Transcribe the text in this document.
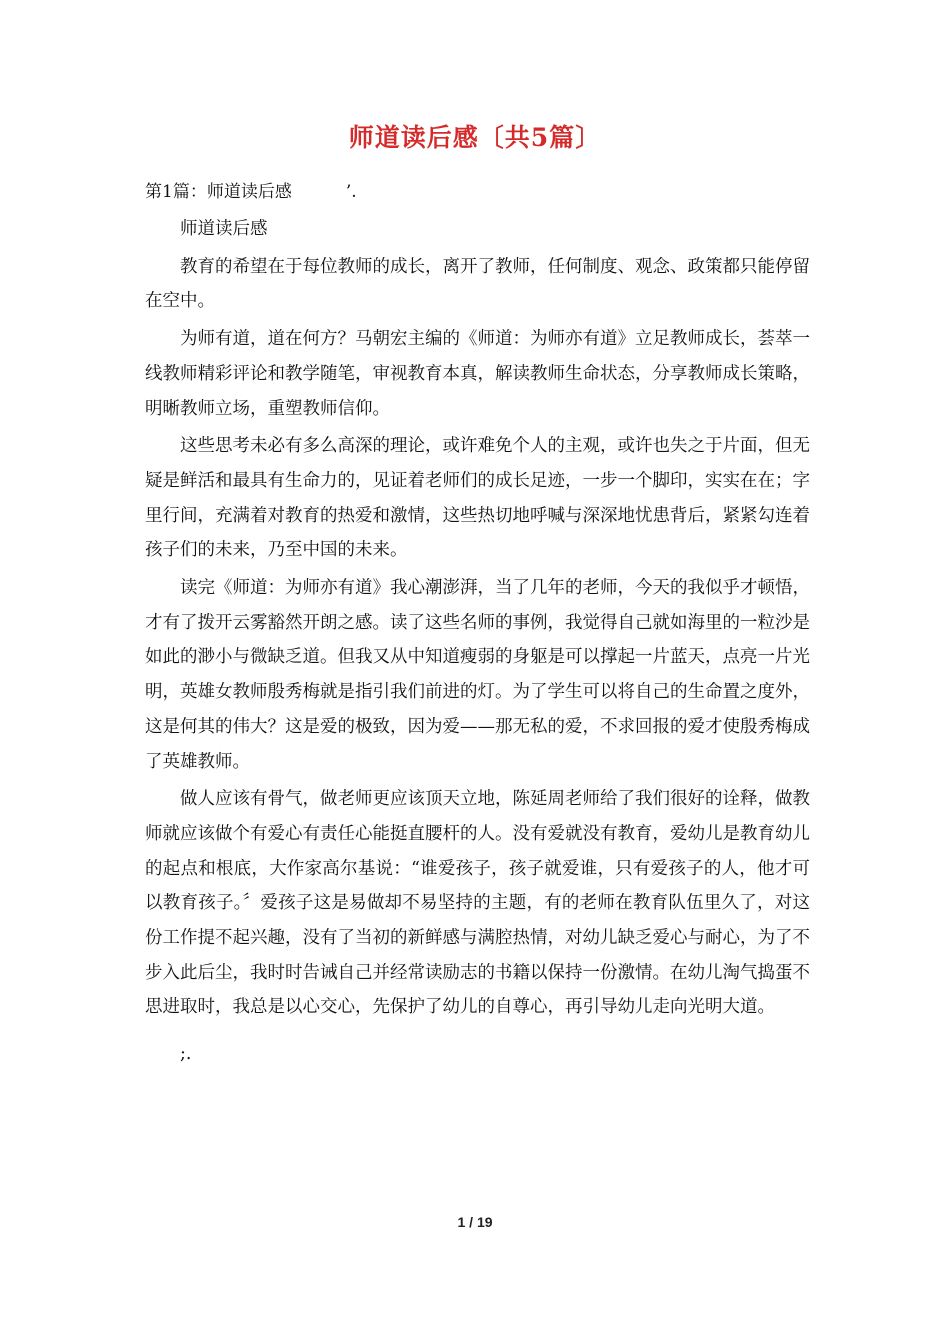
师道读后感〔共5篇〕
第1篇：师道读后感          ’.

师道读后感

教育的希望在于每位教师的成长，离开了教师，任何制度、观念、政策都只能停留在空中。

为师有道，道在何方？马朝宏主编的《师道：为师亦有道》立足教师成长，荟萃一线教师精彩评论和教学随笔，审视教育本真，解读教师生命状态，分享教师成长策略，明晰教师立场，重塑教师信仰。

这些思考未必有多么高深的理论，或许难免个人的主观，或许也失之于片面，但无疑是鲜活和最具有生命力的，见证着老师们的成长足迹，一步一个脚印，实实在在；字里行间，充满着对教育的热爱和激情，这些热切地呼喊与深深地忧患背后，紧紧勾连着孩子们的未来，乃至中国的未来。

读完《师道：为师亦有道》我心潮澎湃，当了几年的老师，今天的我似乎才顿悟，才有了拨开云雾豁然开朗之感。读了这些名师的事例，我觉得自己就如海里的一粒沙是如此的渺小与微缺乏道。但我又从中知道瘦弱的身躯是可以撑起一片蓝天，点亮一片光明，英雄女教师殷秀梅就是指引我们前进的灯。为了学生可以将自己的生命置之度外，这是何其的伟大？这是爱的极致，因为爱——那无私的爱，不求回报的爱才使殷秀梅成了英雄教师。

做人应该有骨气，做老师更应该顶天立地，陈延周老师给了我们很好的诠释，做教师就应该做个有爱心有责任心能挺直腰杆的人。没有爱就没有教育，爱幼儿是教育幼儿的起点和根底，大作家高尔基说：“谁爱孩子，孩子就爱谁，只有爱孩子的人，他才可以教育孩子。〞爱孩子这是易做却不易坚持的主题，有的老师在教育队伍里久了，对这份工作提不起兴趣，没有了当初的新鲜感与满腔热情，对幼儿缺乏爱心与耐心，为了不步入此后尘，我时时告诫自己并经常读励志的书籍以保持一份激情。在幼儿淘气捣蛋不思进取时，我总是以心交心，先保护了幼儿的自尊心，再引导幼儿走向光明大道。

;.

1 / 19
